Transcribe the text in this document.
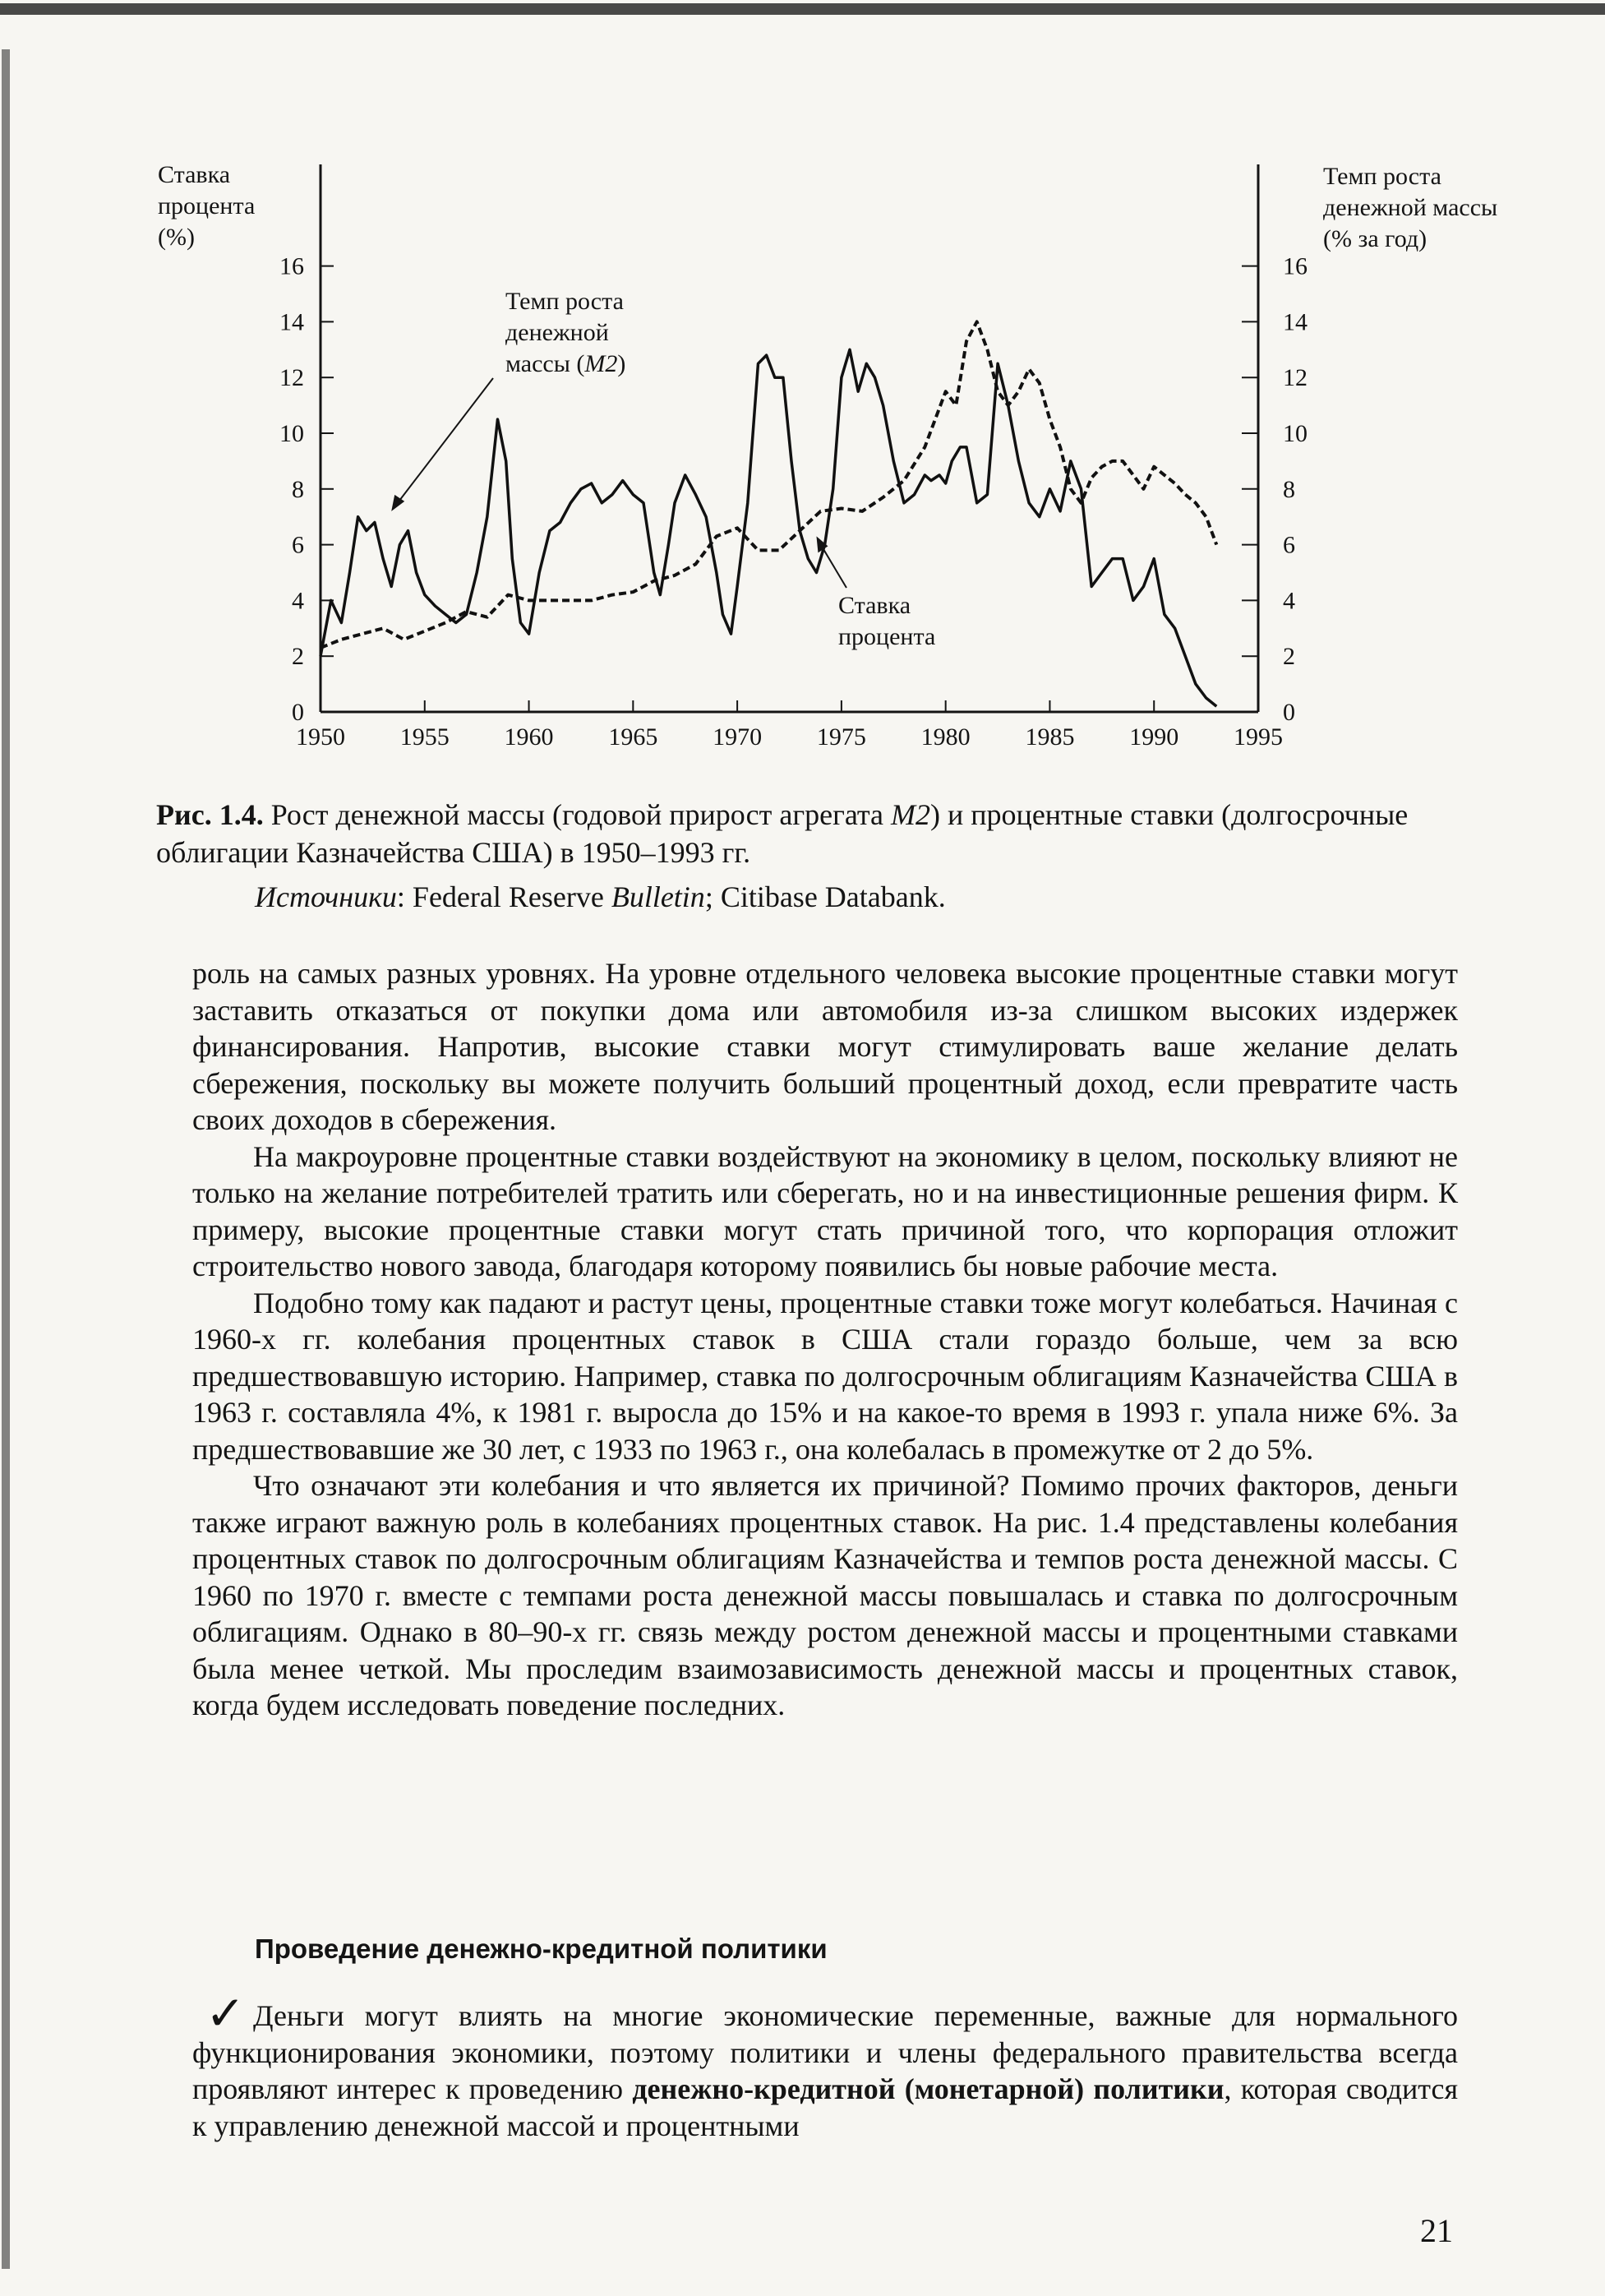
1950 1955 1960 1965 1970 1975 1980 1985 1990 1995
0
2
4
6
8
10
12
14
16
0
2
4
6
8
10
12
14
16
Ставка процента (%)
Темп роста денежной массы (% за год)
Темп роста денежной массы (M2)
Ставка процента
Рис. 1.4. Рост денежной массы (годовой прирост агрегата M2) и процентные ставки (долгосрочные облигации Казначейства США) в 1950–1993 гг.
Источники: Federal Reserve Bulletin; Citibase Databank.

роль на самых разных уровнях. На уровне отдельного человека высокие процентные ставки могут заставить отказаться от покупки дома или автомобиля из-за слишком высоких издержек финансирования. Напротив, высокие ставки могут стимулировать ваше желание делать сбережения, поскольку вы можете получить больший процентный доход, если превратите часть своих доходов в сбережения.

На макроуровне процентные ставки воздействуют на экономику в целом, поскольку влияют не только на желание потребителей тратить или сберегать, но и на инвестиционные решения фирм. К примеру, высокие процентные ставки могут стать причиной того, что корпорация отложит строительство нового завода, благодаря которому появились бы новые рабочие места.

Подобно тому как падают и растут цены, процентные ставки тоже могут колебаться. Начиная с 1960-х гг. колебания процентных ставок в США стали гораздо больше, чем за всю предшествовавшую историю. Например, ставка по долгосрочным облигациям Казначейства США в 1963 г. составляла 4%, к 1981 г. выросла до 15% и на какое-то время в 1993 г. упала ниже 6%. За предшествовавшие же 30 лет, с 1933 по 1963 г., она колебалась в промежутке от 2 до 5%.

Что означают эти колебания и что является их причиной? Помимо прочих факторов, деньги также играют важную роль в колебаниях процентных ставок. На рис. 1.4 представлены колебания процентных ставок по долгосрочным облигациям Казначейства и темпов роста денежной массы. С 1960 по 1970 г. вместе с темпами роста денежной массы повышалась и ставка по долгосрочным облигациям. Однако в 80–90-х гг. связь между ростом денежной массы и процентными ставками была менее четкой. Мы проследим взаимозависимость денежной массы и процентных ставок, когда будем исследовать поведение последних.

Проведение денежно-кредитной политики
✓ Деньги могут влиять на многие экономические переменные, важные для нормального функционирования экономики, поэтому политики и члены федерального правительства всегда проявляют интерес к проведению денежно-кредитной (монетарной) политики, которая сводится к управлению денежной массой и процентными

21
